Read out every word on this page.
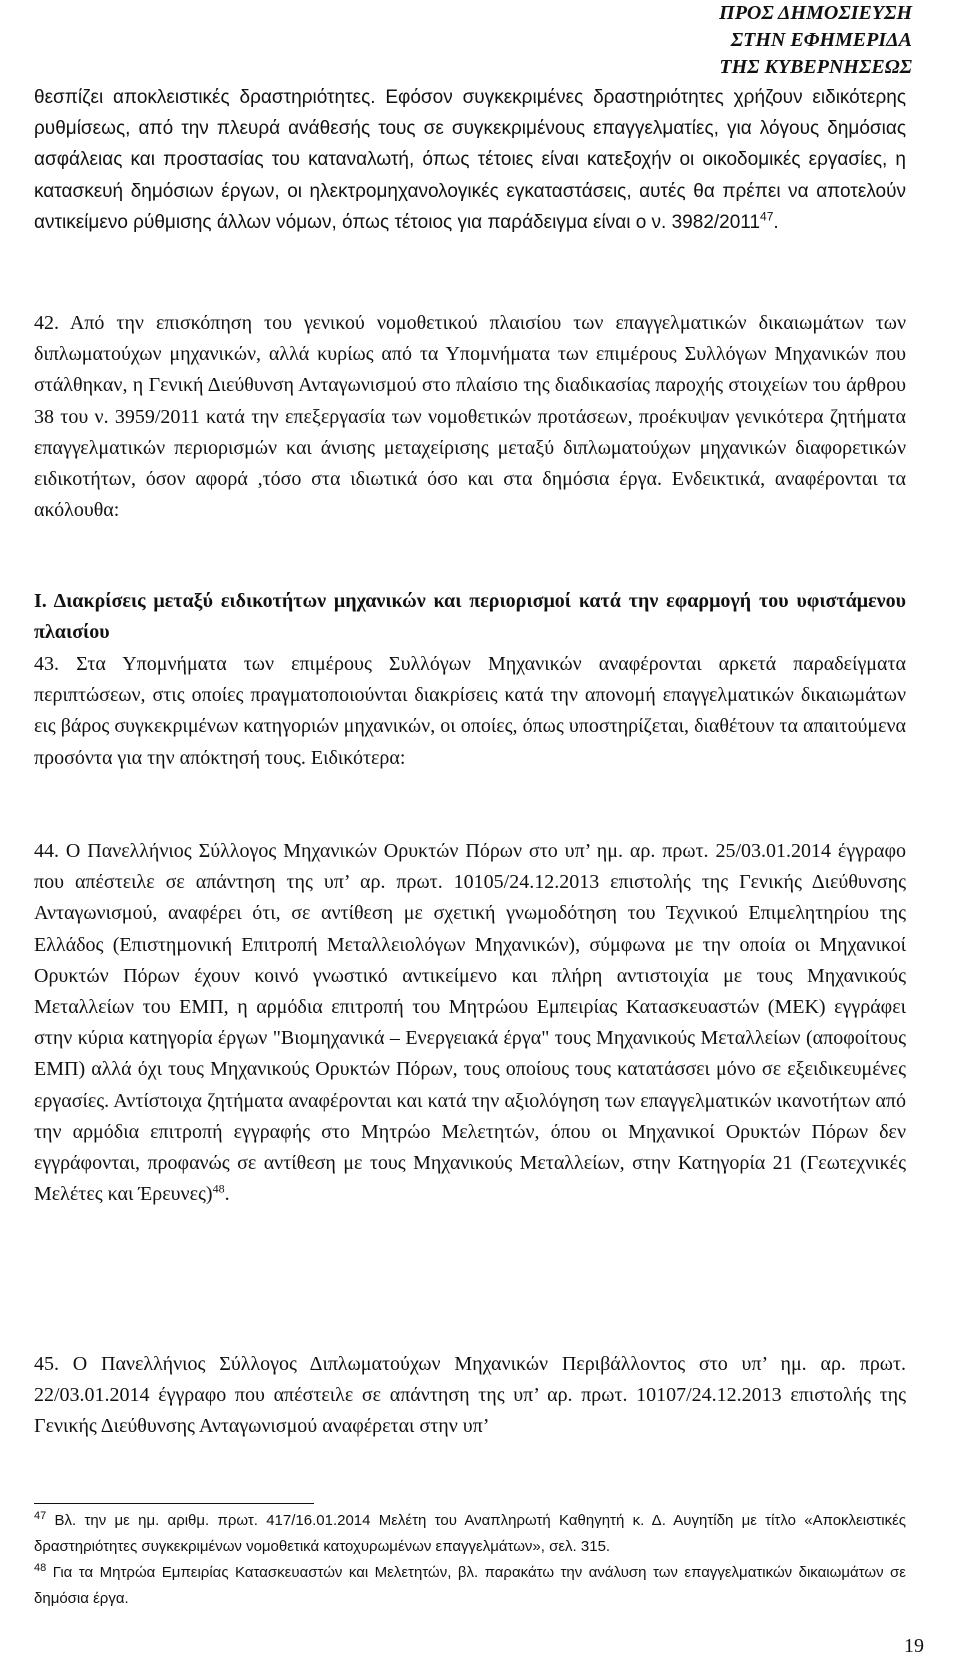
ΠΡΟΣ ΔΗΜΟΣΙΕΥΣΗ
ΣΤΗΝ ΕΦΗΜΕΡΙΔΑ
ΤΗΣ ΚΥΒΕΡΝΗΣΕΩΣ
θεσπίζει αποκλειστικές δραστηριότητες. Εφόσον συγκεκριμένες δραστηριότητες χρήζουν ειδικότερης ρυθμίσεως, από την πλευρά ανάθεσής τους σε συγκεκριμένους επαγγελματίες, για λόγους δημόσιας ασφάλειας και προστασίας του καταναλωτή, όπως τέτοιες είναι κατεξοχήν οι οικοδομικές εργασίες, η κατασκευή δημόσιων έργων, οι ηλεκτρομηχανολογικές εγκαταστάσεις, αυτές θα πρέπει να αποτελούν αντικείμενο ρύθμισης άλλων νόμων, όπως τέτοιος για παράδειγμα είναι ο ν. 3982/2011$^{47}$.
42. Από την επισκόπηση του γενικού νομοθετικού πλαισίου των επαγγελματικών δικαιωμάτων των διπλωματούχων μηχανικών, αλλά κυρίως από τα Υπομνήματα των επιμέρους Συλλόγων Μηχανικών που στάλθηκαν, η Γενική Διεύθυνση Ανταγωνισμού στο πλαίσιο της διαδικασίας παροχής στοιχείων του άρθρου 38 του ν. 3959/2011 κατά την επεξεργασία των νομοθετικών προτάσεων, προέκυψαν γενικότερα ζητήματα επαγγελματικών περιορισμών και άνισης μεταχείρισης μεταξύ διπλωματούχων μηχανικών διαφορετικών ειδικοτήτων, όσον αφορά ,τόσο στα ιδιωτικά όσο και στα δημόσια έργα. Ενδεικτικά, αναφέρονται τα ακόλουθα:
Ι. Διακρίσεις μεταξύ ειδικοτήτων μηχανικών και περιορισμοί κατά την εφαρμογή του υφιστάμενου πλαισίου
43. Στα Υπομνήματα των επιμέρους Συλλόγων Μηχανικών αναφέρονται αρκετά παραδείγματα περιπτώσεων, στις οποίες πραγματοποιούνται διακρίσεις κατά την απονομή επαγγελματικών δικαιωμάτων εις βάρος συγκεκριμένων κατηγοριών μηχανικών, οι οποίες, όπως υποστηρίζεται, διαθέτουν τα απαιτούμενα προσόντα για την απόκτησή τους. Ειδικότερα:
44. Ο Πανελλήνιος Σύλλογος Μηχανικών Ορυκτών Πόρων στο υπ’ ημ. αρ. πρωτ. 25/03.01.2014 έγγραφο που απέστειλε σε απάντηση της υπ’ αρ. πρωτ. 10105/24.12.2013 επιστολής της Γενικής Διεύθυνσης Ανταγωνισμού, αναφέρει ότι, σε αντίθεση με σχετική γνωμοδότηση του Τεχνικού Επιμελητηρίου της Ελλάδος (Επιστημονική Επιτροπή Μεταλλειολόγων Μηχανικών), σύμφωνα με την οποία οι Μηχανικοί Ορυκτών Πόρων έχουν κοινό γνωστικό αντικείμενο και πλήρη αντιστοιχία με τους Μηχανικούς Μεταλλείων του ΕΜΠ, η αρμόδια επιτροπή του Μητρώου Εμπειρίας Κατασκευαστών (ΜΕΚ) εγγράφει στην κύρια κατηγορία έργων "Βιομηχανικά – Ενεργειακά έργα" τους Μηχανικούς Μεταλλείων (αποφοίτους ΕΜΠ) αλλά όχι τους Μηχανικούς Ορυκτών Πόρων, τους οποίους τους κατατάσσει μόνο σε εξειδικευμένες εργασίες. Αντίστοιχα ζητήματα αναφέρονται και κατά την αξιολόγηση των επαγγελματικών ικανοτήτων από την αρμόδια επιτροπή εγγραφής στο Μητρώο Μελετητών, όπου οι Μηχανικοί Ορυκτών Πόρων δεν εγγράφονται, προφανώς σε αντίθεση με τους Μηχανικούς Μεταλλείων, στην Κατηγορία 21 (Γεωτεχνικές Μελέτες και Έρευνες)$^{48}$.
45. Ο Πανελλήνιος Σύλλογος Διπλωματούχων Μηχανικών Περιβάλλοντος στο υπ’ ημ. αρ. πρωτ. 22/03.01.2014 έγγραφο που απέστειλε σε απάντηση της υπ’ αρ. πρωτ. 10107/24.12.2013 επιστολής της Γενικής Διεύθυνσης Ανταγωνισμού αναφέρεται στην υπ’
$^{47}$ Βλ. την με ημ. αριθμ. πρωτ. 417/16.01.2014 Μελέτη του Αναπληρωτή Καθηγητή κ. Δ. Αυγητίδη με τίτλο «Αποκλειστικές δραστηριότητες συγκεκριμένων νομοθετικά κατοχυρωμένων επαγγελμάτων», σελ. 315.
$^{48}$ Για τα Μητρώα Εμπειρίας Κατασκευαστών και Μελετητών, βλ. παρακάτω την ανάλυση των επαγγελματικών δικαιωμάτων σε δημόσια έργα.
19
